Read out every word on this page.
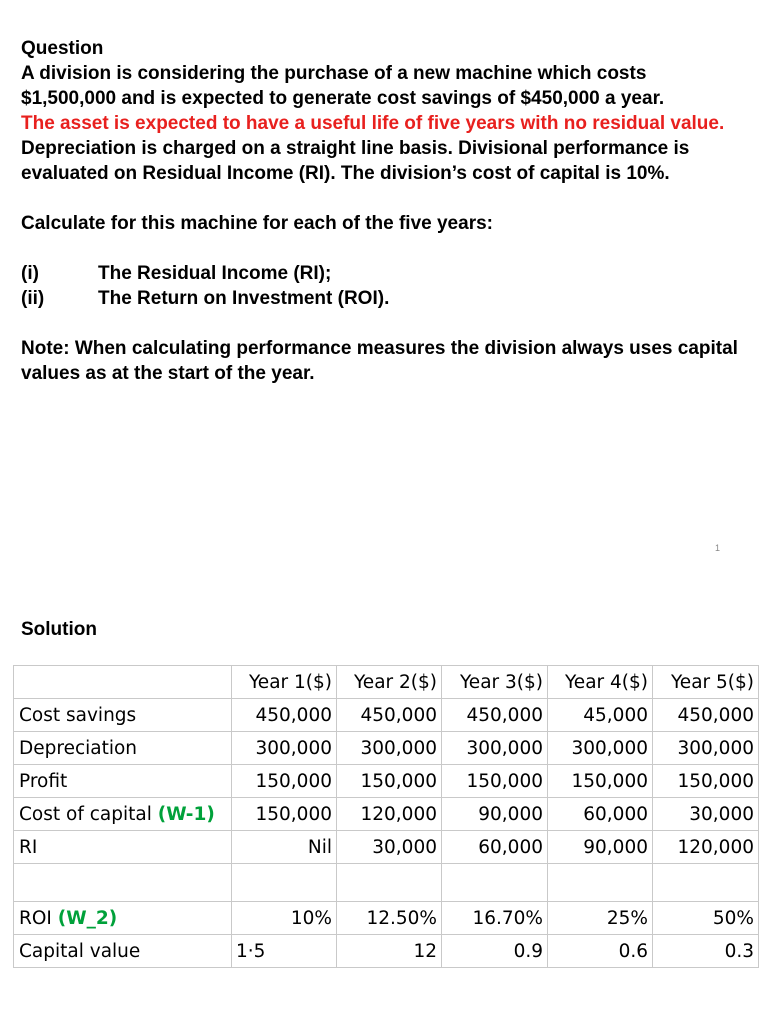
Question

A division is considering the purchase of a new machine which costs $1,500,000 and is expected to generate cost savings of $450,000 a year.

The asset is expected to have a useful life of five years with no residual value. Depreciation is charged on a straight line basis. Divisional performance is evaluated on Residual Income (RI). The division’s cost of capital is 10%.

Calculate for this machine for each of the five years:

(i)	The Residual Income (RI);
(ii)	The Return on Investment (ROI).

Note: When calculating performance measures the division always uses capital values as at the start of the year.

1
Solution
	Year 1($)	Year 2($)	Year 3($)	Year 4($)	Year 5($)
Cost savings	450,000	450,000	450,000	45,000	450,000
Depreciation	300,000	300,000	300,000	300,000	300,000
Profit	150,000	150,000	150,000	150,000	150,000
Cost of capital (W-1)	150,000	120,000	90,000	60,000	30,000
RI	Nil	30,000	60,000	90,000	120,000

ROI (W_2)	10%	12.50%	16.70%	25%	50%
Capital value	1·5	12	0.9	0.6	0.3
